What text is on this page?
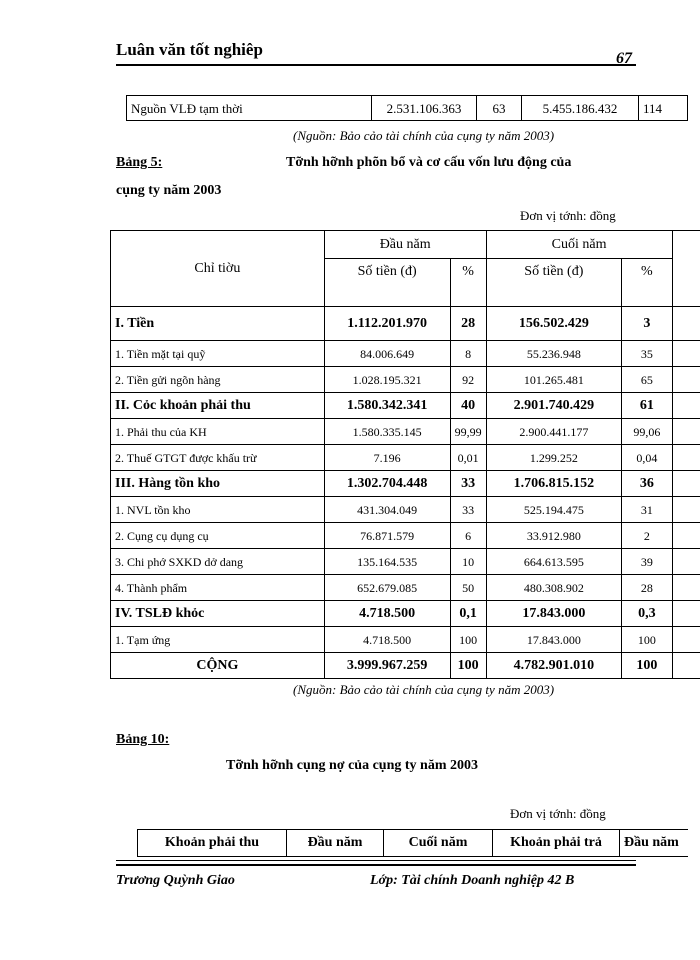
Luân văn tốt nghiêp	67
Nguồn VLĐ tạm thời	2.531.106.363	63	5.455.186.432	114
(Nguồn: Bảo cảo tài chính của cụng ty năm 2003)
Bảng 5:	Tỡnh hỡnh phõn bổ và cơ cấu vốn lưu động của
cụng ty năm 2003
Đơn vị tớnh: đồng
Chỉ tiờu	Đầu năm		Cuối năm		
	Số tiền (đ)	%	Số tiền (đ)	%	
I. Tiền	1.112.201.970	28	156.502.429	3	
1. Tiền mặt tại quỹ	84.006.649	8	55.236.948	35	
2. Tiền gửi ngõn hàng	1.028.195.321	92	101.265.481	65	
II. Cỏc khoản phải thu	1.580.342.341	40	2.901.740.429	61	
1. Phải thu của KH	1.580.335.145	99,99	2.900.441.177	99,06	
2. Thuế GTGT được khấu trừ	7.196	0,01	1.299.252	0,04	
III. Hàng tồn kho	1.302.704.448	33	1.706.815.152	36	
1. NVL tồn kho	431.304.049	33	525.194.475	31	
2. Cụng cụ dụng cụ	76.871.579	6	33.912.980	2	
3. Chi phớ SXKD dở dang	135.164.535	10	664.613.595	39	
4. Thành phẩm	652.679.085	50	480.308.902	28	
IV. TSLĐ khỏc	4.718.500	0,1	17.843.000	0,3	
1. Tạm ứng	4.718.500	100	17.843.000	100	
CỘNG	3.999.967.259	100	4.782.901.010	100	
(Nguồn: Bảo cảo tài chính của cụng ty năm 2003)
Bảng 10:
Tỡnh hỡnh cụng nợ của cụng ty năm 2003
Đơn vị tớnh: đồng
Khoản phải thu	Đầu năm	Cuối năm	Khoản phải trả	Đầu năm
Trương Quỳnh Giao	Lớp: Tài chính Doanh nghiệp 42 B
